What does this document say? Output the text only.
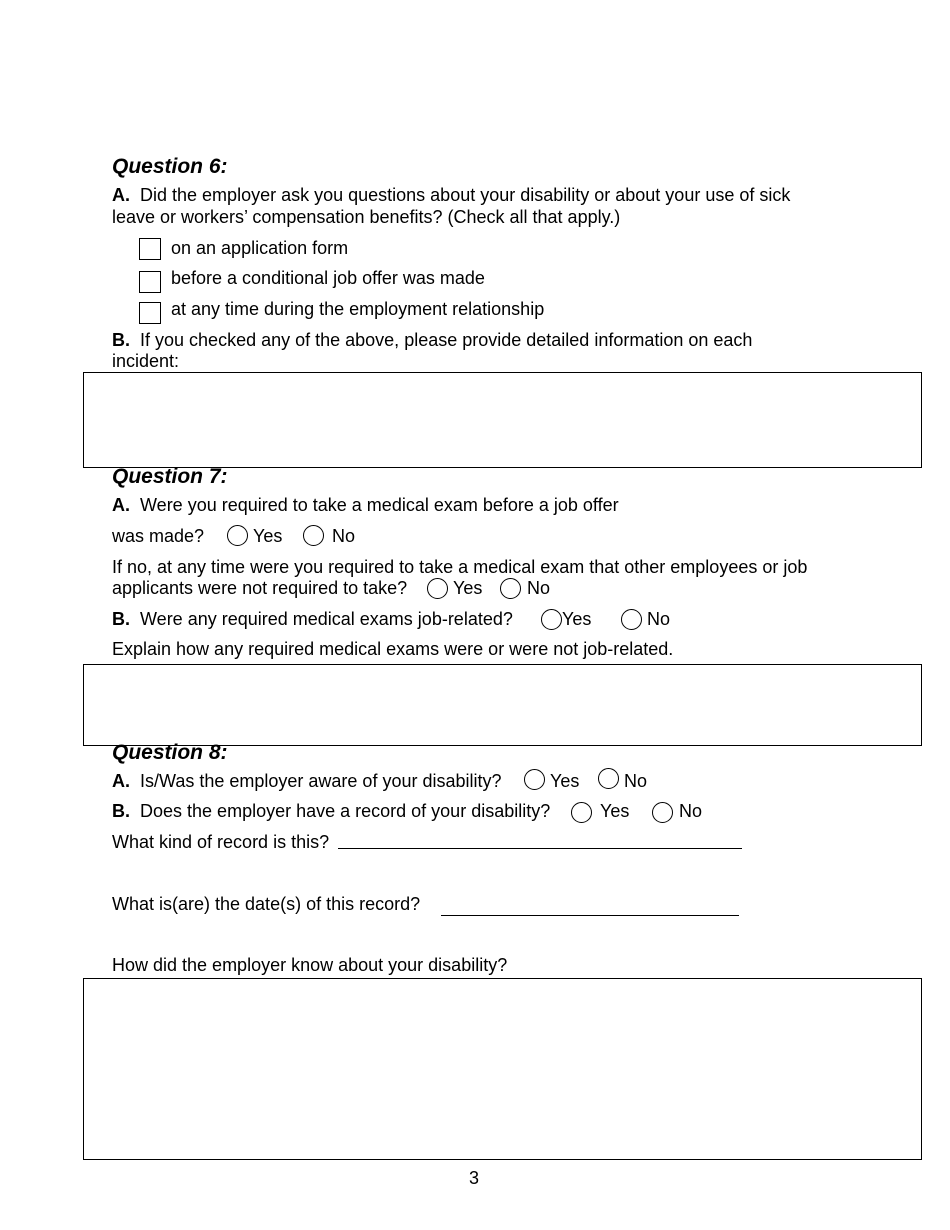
Question 6:
A. Did the employer ask you questions about your disability or about your use of sick
leave or workers’ compensation benefits? (Check all that apply.)
on an application form
before a conditional job offer was made
at any time during the employment relationship
B. If you checked any of the above, please provide detailed information on each
incident:
Question 7:
A. Were you required to take a medical exam before a job offer
was made?	Yes	No
If no, at any time were you required to take a medical exam that other employees or job
applicants were not required to take?	Yes No
B. Were any required medical exams job-related?	Yes	No
Explain how any required medical exams were or were not job-related.
Question 8:
A. Is/Was the employer aware of your disability?	Yes No
B. Does the employer have a record of your disability?	Yes	No
What kind of record is this?
What is(are) the date(s) of this record?
How did the employer know about your disability?
3
